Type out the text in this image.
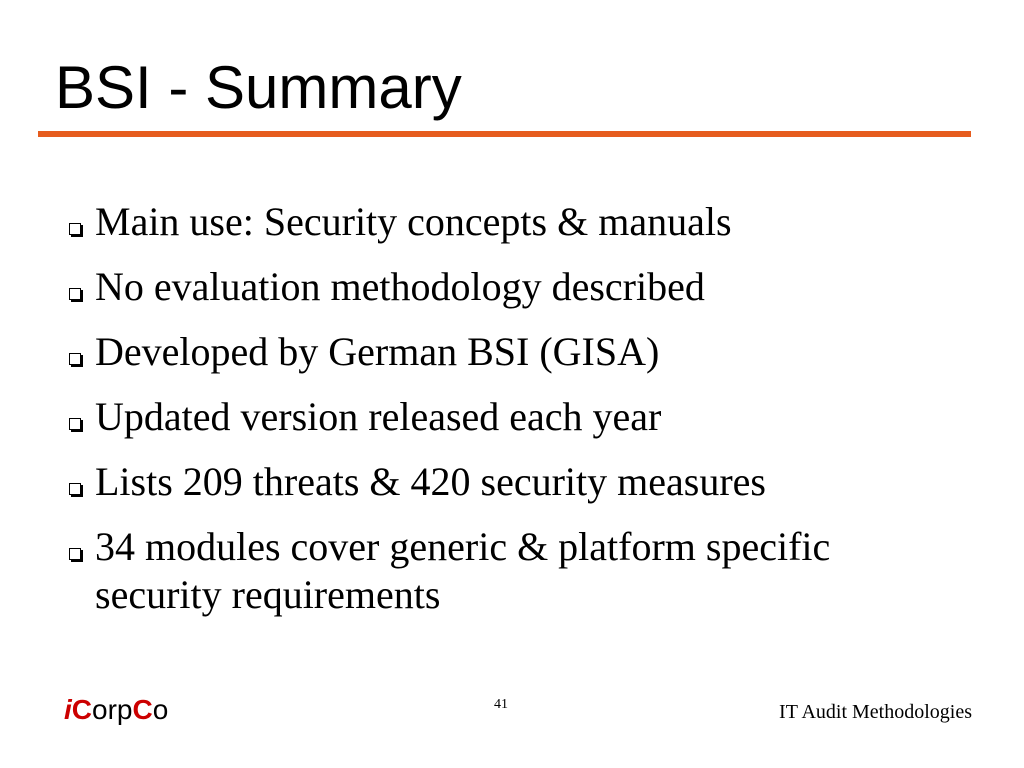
BSI - Summary
Main use: Security concepts & manuals
No evaluation methodology described
Developed by German BSI (GISA)
Updated version released each year
Lists 209 threats & 420 security measures
34 modules cover generic & platform specific security requirements
iCorpCo	41	IT Audit Methodologies
